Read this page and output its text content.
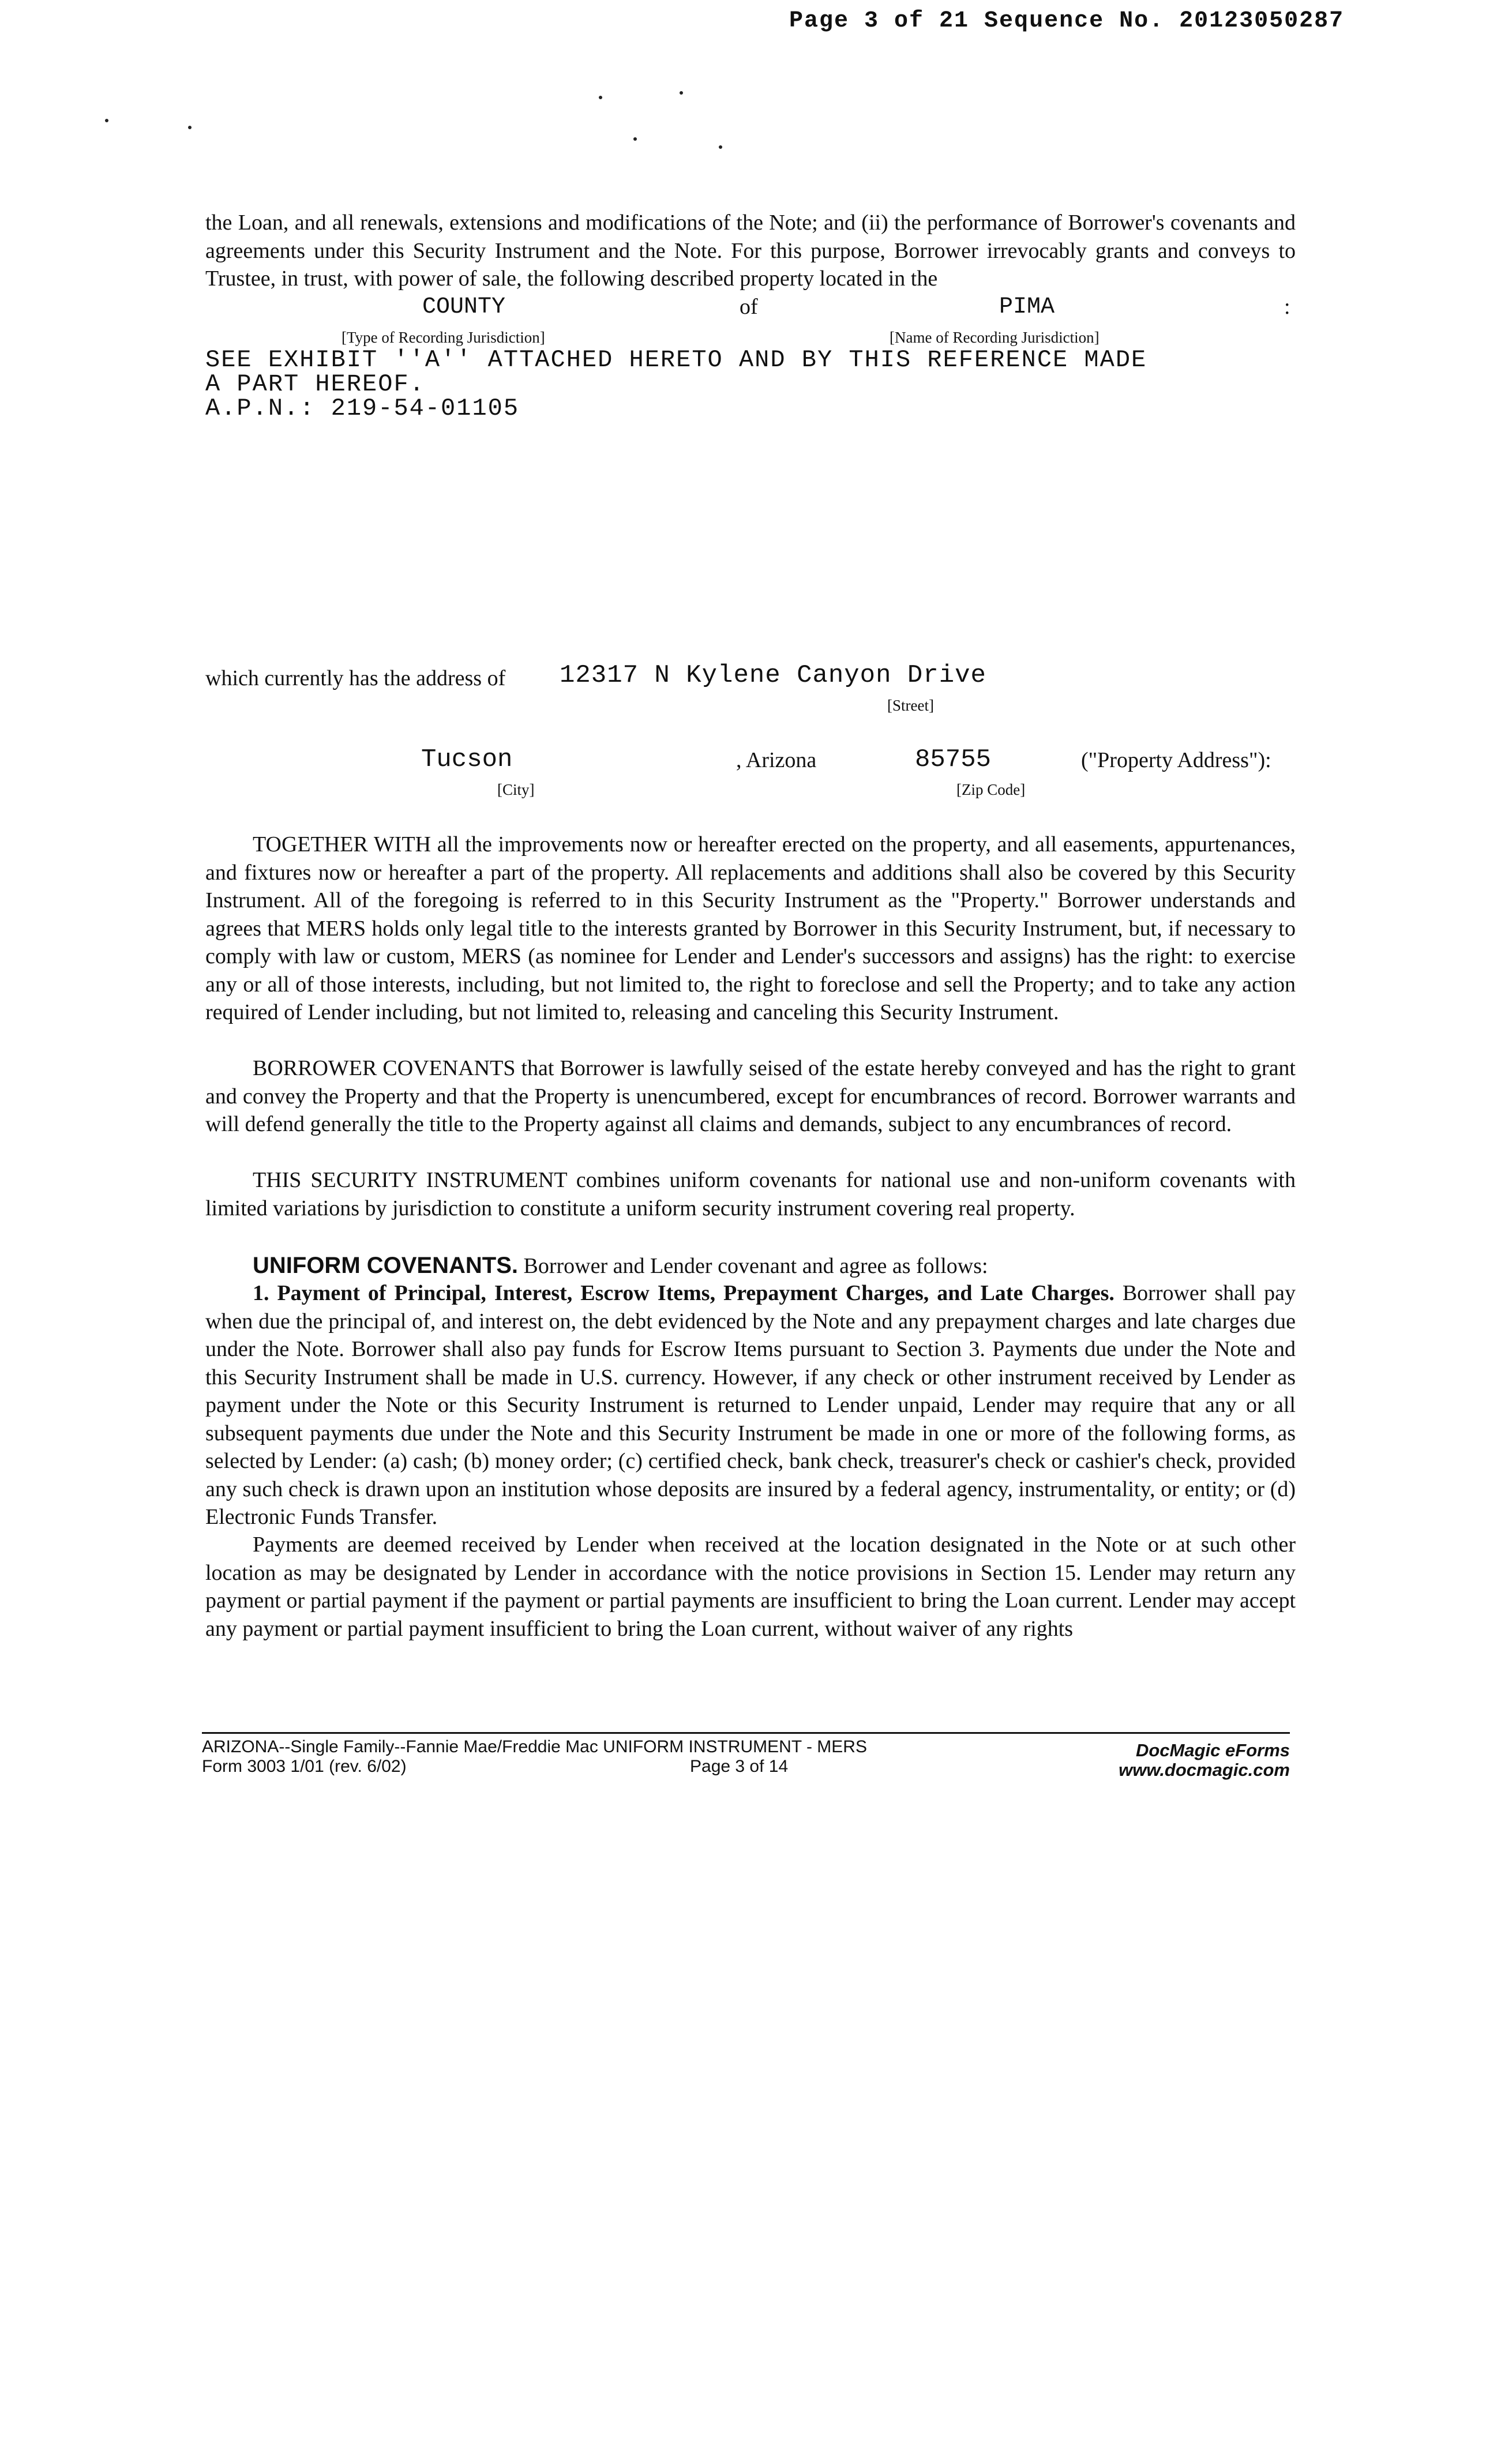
Page 3 of 21 Sequence No. 20123050287

the Loan, and all renewals, extensions and modifications of the Note; and (ii) the performance of Borrower's covenants and agreements under this Security Instrument and the Note. For this purpose, Borrower irrevocably grants and conveys to Trustee, in trust, with power of sale, the following described property located in the

COUNTY	of	PIMA	:
[Type of Recording Jurisdiction]	[Name of Recording Jurisdiction]
SEE EXHIBIT ''A'' ATTACHED HERETO AND BY THIS REFERENCE MADE
A PART HEREOF.
A.P.N.: 219-54-01105
which currently has the address of 12317 N Kylene Canyon Drive
[Street]
Tucson	, Arizona	85755	("Property Address"):
[City]	[Zip Code]

TOGETHER WITH all the improvements now or hereafter erected on the property, and all easements, appurtenances, and fixtures now or hereafter a part of the property. All replacements and additions shall also be covered by this Security Instrument. All of the foregoing is referred to in this Security Instrument as the "Property." Borrower understands and agrees that MERS holds only legal title to the interests granted by Borrower in this Security Instrument, but, if necessary to comply with law or custom, MERS (as nominee for Lender and Lender's successors and assigns) has the right: to exercise any or all of those interests, including, but not limited to, the right to foreclose and sell the Property; and to take any action required of Lender including, but not limited to, releasing and canceling this Security Instrument.

BORROWER COVENANTS that Borrower is lawfully seised of the estate hereby conveyed and has the right to grant and convey the Property and that the Property is unencumbered, except for encumbrances of record. Borrower warrants and will defend generally the title to the Property against all claims and demands, subject to any encumbrances of record.

THIS SECURITY INSTRUMENT combines uniform covenants for national use and non-uniform covenants with limited variations by jurisdiction to constitute a uniform security instrument covering real property.

UNIFORM COVENANTS. Borrower and Lender covenant and agree as follows:

1. Payment of Principal, Interest, Escrow Items, Prepayment Charges, and Late Charges. Borrower shall pay when due the principal of, and interest on, the debt evidenced by the Note and any prepayment charges and late charges due under the Note. Borrower shall also pay funds for Escrow Items pursuant to Section 3. Payments due under the Note and this Security Instrument shall be made in U.S. currency. However, if any check or other instrument received by Lender as payment under the Note or this Security Instrument is returned to Lender unpaid, Lender may require that any or all subsequent payments due under the Note and this Security Instrument be made in one or more of the following forms, as selected by Lender: (a) cash; (b) money order; (c) certified check, bank check, treasurer's check or cashier's check, provided any such check is drawn upon an institution whose deposits are insured by a federal agency, instrumentality, or entity; or (d) Electronic Funds Transfer.

Payments are deemed received by Lender when received at the location designated in the Note or at such other location as may be designated by Lender in accordance with the notice provisions in Section 15. Lender may return any payment or partial payment if the payment or partial payments are insufficient to bring the Loan current. Lender may accept any payment or partial payment insufficient to bring the Loan current, without waiver of any rights

ARIZONA--Single Family--Fannie Mae/Freddie Mac UNIFORM INSTRUMENT - MERS
Form 3003 1/01 (rev. 6/02)	Page 3 of 14
DocMagic eForms
www.docmagic.com
